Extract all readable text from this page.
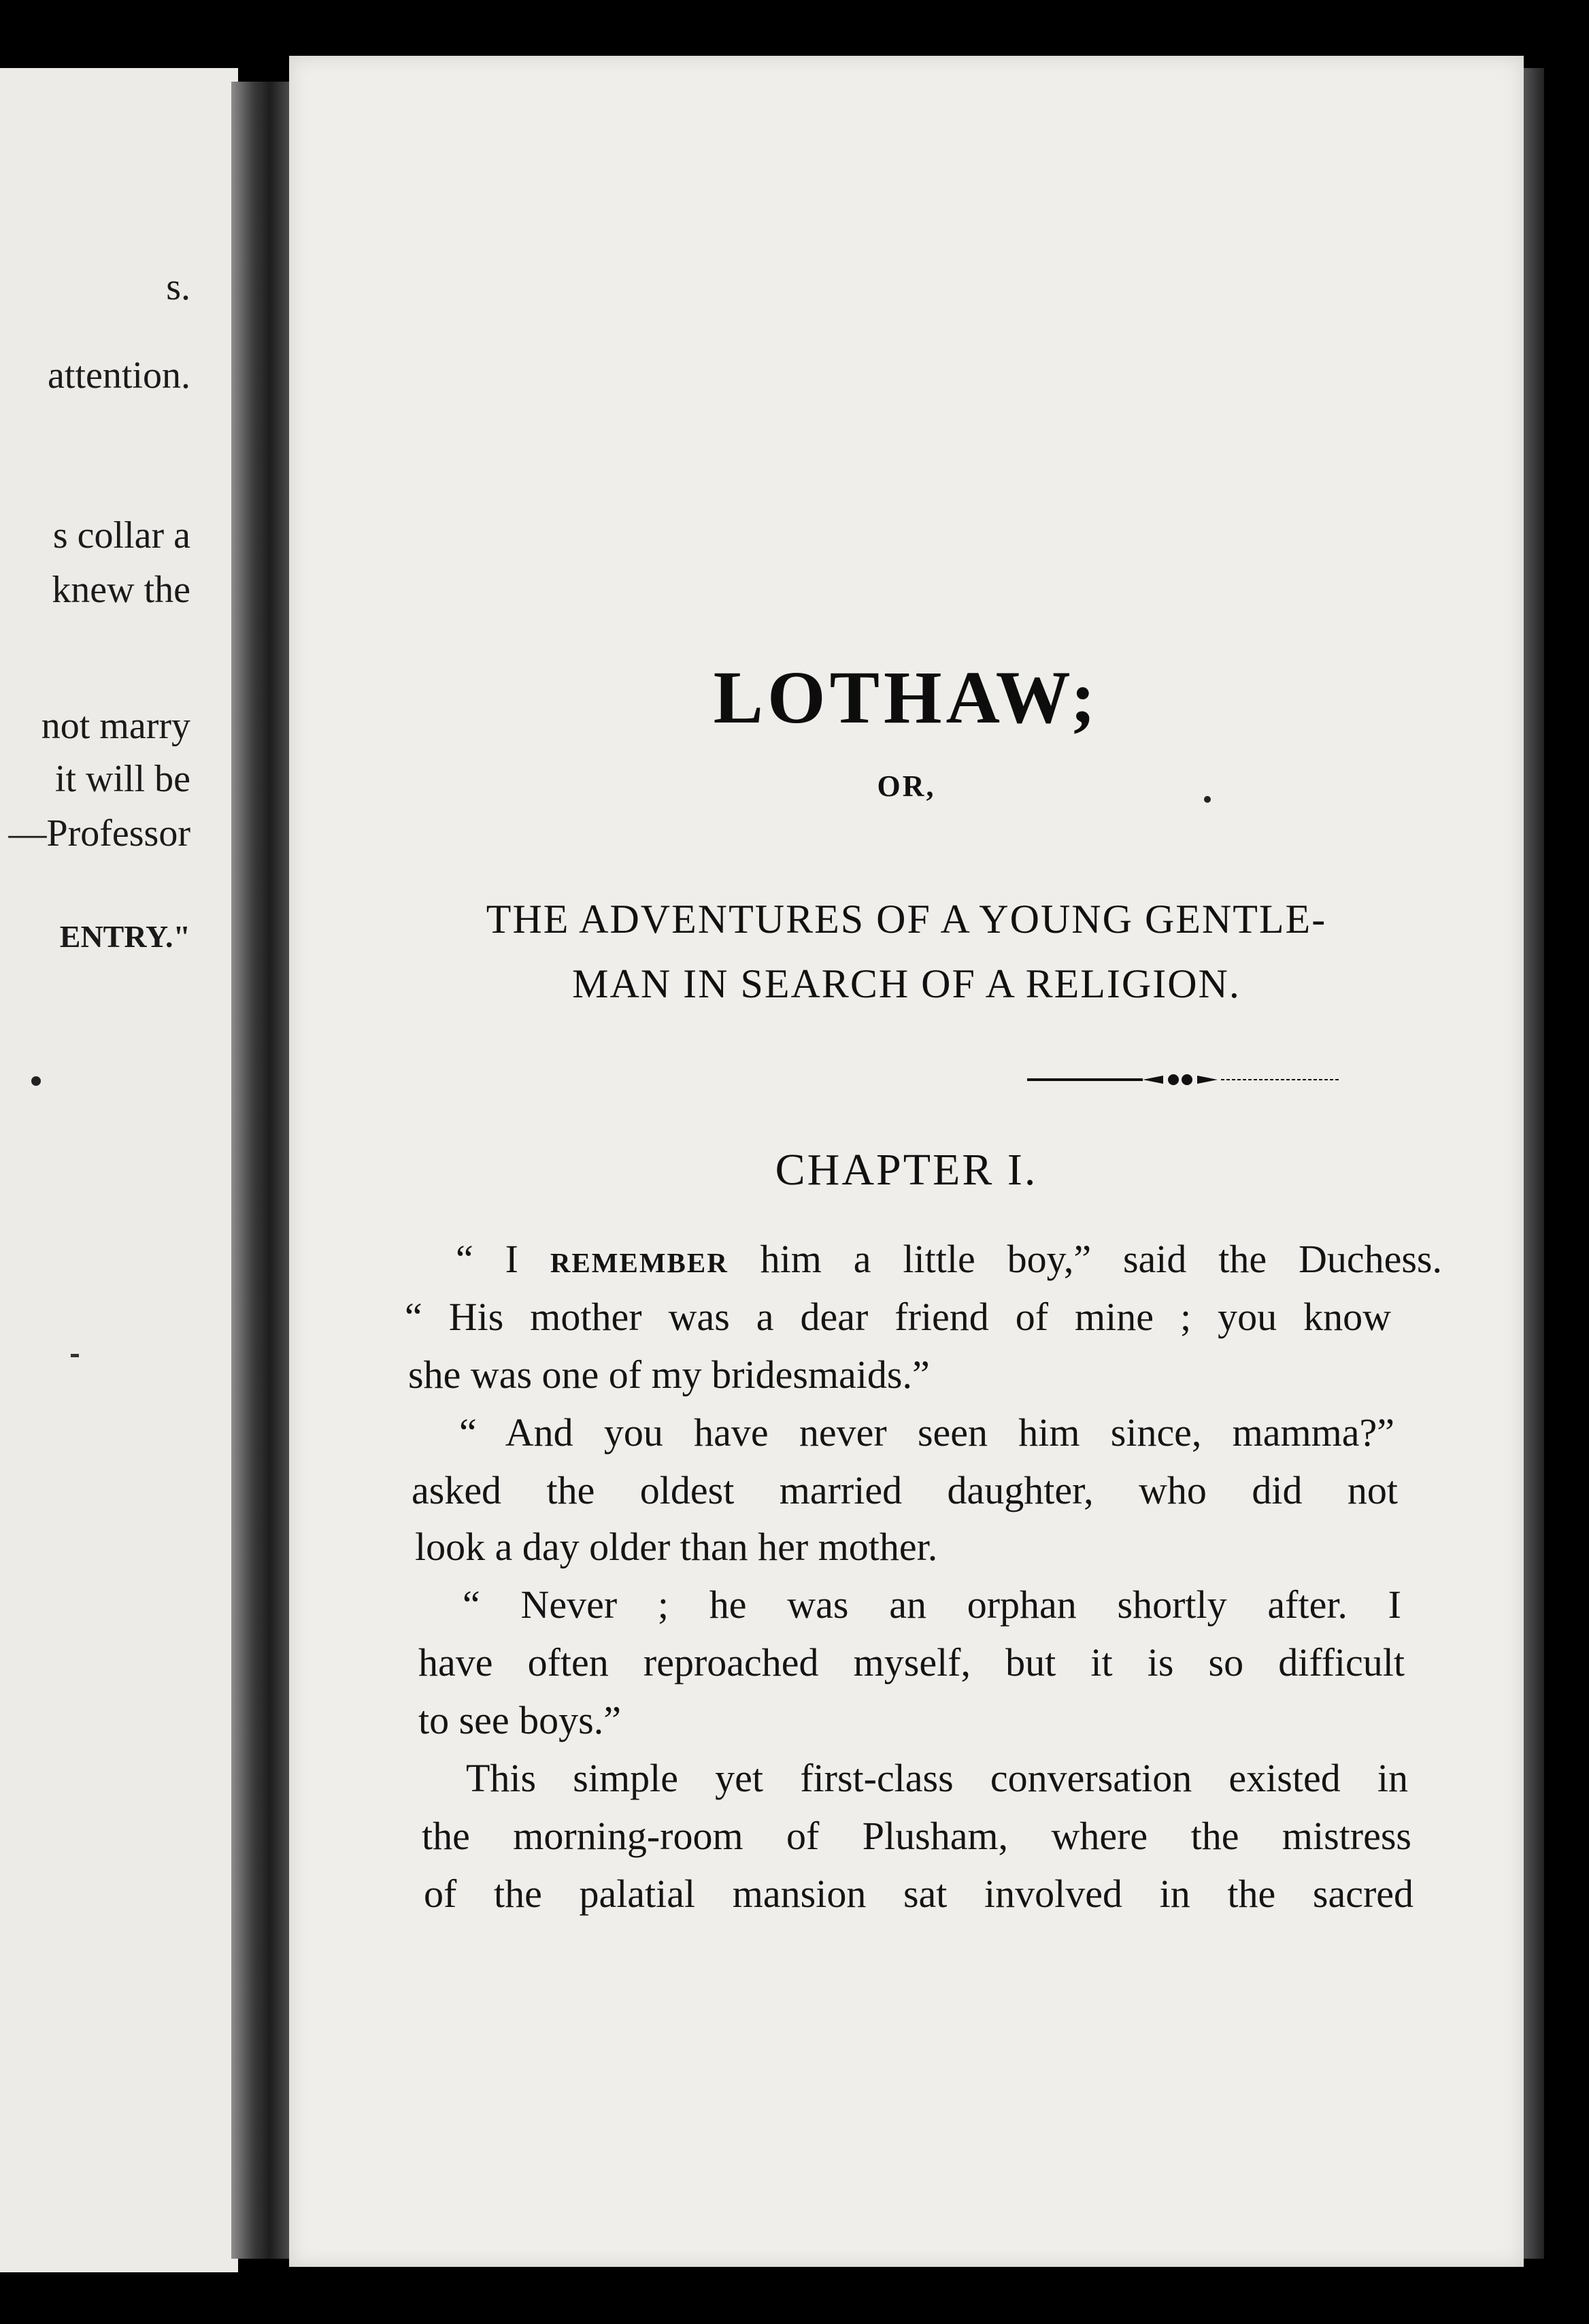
s.
attention.
s collar a
knew the
not marry
it will be
—Professor
ENTRY."
LOTHAW;
OR,
THE ADVENTURES OF A YOUNG GENTLE-
MAN IN SEARCH OF A RELIGION.
CHAPTER I.
“ I remember him a little boy,” said the Duchess.
“ His mother was a dear friend of mine ; you know
she was one of my bridesmaids.”
“ And you have never seen him since, mamma?”
asked the oldest married daughter, who did not
look a day older than her mother.
“ Never ; he was an orphan shortly after. I
have often reproached myself, but it is so difficult
to see boys.”
This simple yet first-class conversation existed in
the morning-room of Plusham, where the mistress
of the palatial mansion sat involved in the sacred
